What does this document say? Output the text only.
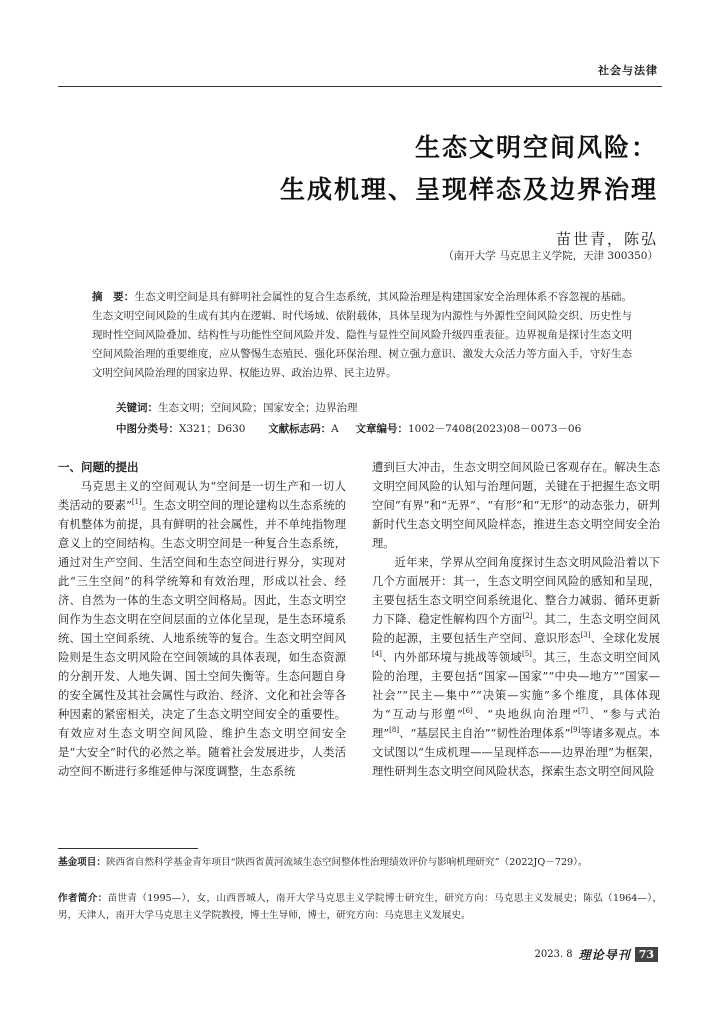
社会与法律
生态文明空间风险：
生成机理、呈现样态及边界治理
苗世青，陈弘
（南开大学 马克思主义学院，天津 300350）
摘　要：生态文明空间是具有鲜明社会属性的复合生态系统，其风险治理是构建国家安全治理体系不容忽视的基础。生态文明空间风险的生成有其内在逻辑、时代场域、依附载体，具体呈现为内源性与外源性空间风险交织、历史性与现时性空间风险叠加、结构性与功能性空间风险并发、隐性与显性空间风险升级四重表征。边界视角是探讨生态文明空间风险治理的重要维度，应从警惕生态殖民、强化环保治理、树立强力意识、激发大众活力等方面入手，守好生态文明空间风险治理的国家边界、权能边界、政治边界、民主边界。
关键词：生态文明；空间风险；国家安全；边界治理
中图分类号：X321；D630 文献标志码：A 文章编号：1002－7408(2023)08－0073－06

一、问题的提出

马克思主义的空间观认为“空间是一切生产和一切人类活动的要素”[1]。生态文明空间的理论建构以生态系统的有机整体为前提，具有鲜明的社会属性，并不单纯指物理意义上的空间结构。生态文明空间是一种复合生态系统，通过对生产空间、生活空间和生态空间进行界分，实现对此“三生空间”的科学统筹和有效治理，形成以社会、经济、自然为一体的生态文明空间格局。因此，生态文明空间作为生态文明在空间层面的立体化呈现，是生态环境系统、国土空间系统、人地系统等的复合。生态文明空间风险则是生态文明风险在空间领域的具体表现，如生态资源的分割开发、人地失调、国土空间失衡等。生态问题自身的安全属性及其社会属性与政治、经济、文化和社会等各种因素的紧密相关，决定了生态文明空间安全的重要性。有效应对生态文明空间风险、维护生态文明空间安全是“大安全”时代的必然之举。随着社会发展进步，人类活动空间不断进行多维延伸与深度调整，生态系统

遭到巨大冲击，生态文明空间风险已客观存在。解决生态文明空间风险的认知与治理问题，关键在于把握生态文明空间“有界”和“无界”、“有形”和“无形”的动态张力，研判新时代生态文明空间风险样态，推进生态文明空间安全治理。

近年来，学界从空间角度探讨生态文明风险沿着以下几个方面展开：其一，生态文明空间风险的感知和呈现，主要包括生态文明空间系统退化、整合力减弱、循环更新力下降、稳定性解构四个方面[2]。其二，生态文明空间风险的起源，主要包括生产空间、意识形态[3]、全球化发展[4]、内外部环境与挑战等领域[5]。其三，生态文明空间风险的治理，主要包括“国家—国家”“中央—地方”“国家—社会”“民主—集中”“决策—实施”多个维度，具体体现为“互动与形塑”[6]、“央地纵向治理”[7]、“参与式治理”[8]、“基层民主自治”“韧性治理体系”[9]等诸多观点。本文试图以“生成机理——呈现样态——边界治理”为框架，理性研判生态文明空间风险状态，探索生态文明空间风险

基金项目：陕西省自然科学基金青年项目“陕西省黄河流域生态空间整体性治理绩效评价与影响机理研究”（2022JQ－729）。
作者简介：苗世青（1995—），女，山西晋城人，南开大学马克思主义学院博士研究生，研究方向：马克思主义发展史；陈弘（1964—），男，天津人，南开大学马克思主义学院教授，博士生导师，博士，研究方向：马克思主义发展史。
2023. 8 理论导刊 73
